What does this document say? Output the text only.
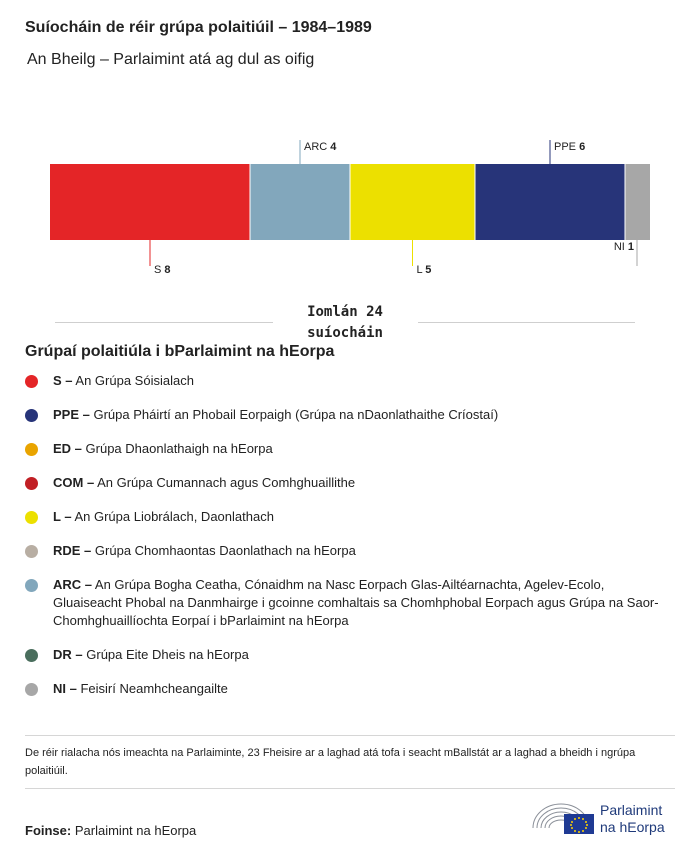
Suíocháin de réir grúpa polaitiúil – 1984–1989
An Bheilg – Parlaimint atá ag dul as oifig
S 8
ARC 4
L 5
PPE 6
NI 1
Iomlán 24
suíocháin
Grúpaí polaitiúla i bParlaimint na hEorpa
S – An Grúpa Sóisialach
PPE – Grúpa Pháirtí an Phobail Eorpaigh (Grúpa na nDaonlathaithe Críostaí)
ED – Grúpa Dhaonlathaigh na hEorpa
COM – An Grúpa Cumannach agus Comhghuaillithe
L – An Grúpa Liobrálach, Daonlathach
RDE – Grúpa Chomhaontas Daonlathach na hEorpa
ARC – An Grúpa Bogha Ceatha, Cónaidhm na Nasc Eorpach Glas-Ailtéarnachta, Agelev-Ecolo, Gluaiseacht Phobal na Danmhairge i gcoinne comhaltais sa Chomhphobal Eorpach agus Grúpa na Saor-Chomhghuaillíochta Eorpaí i bParlaimint na hEorpa
DR – Grúpa Eite Dheis na hEorpa
NI – Feisirí Neamhcheangailte
De réir rialacha nós imeachta na Parlaiminte, 23 Fheisire ar a laghad atá tofa i seacht mBallstát ar a laghad a bheidh i ngrúpa polaitiúil.
Foinse: Parlaimint na hEorpa
Parlaimint
na hEorpa
